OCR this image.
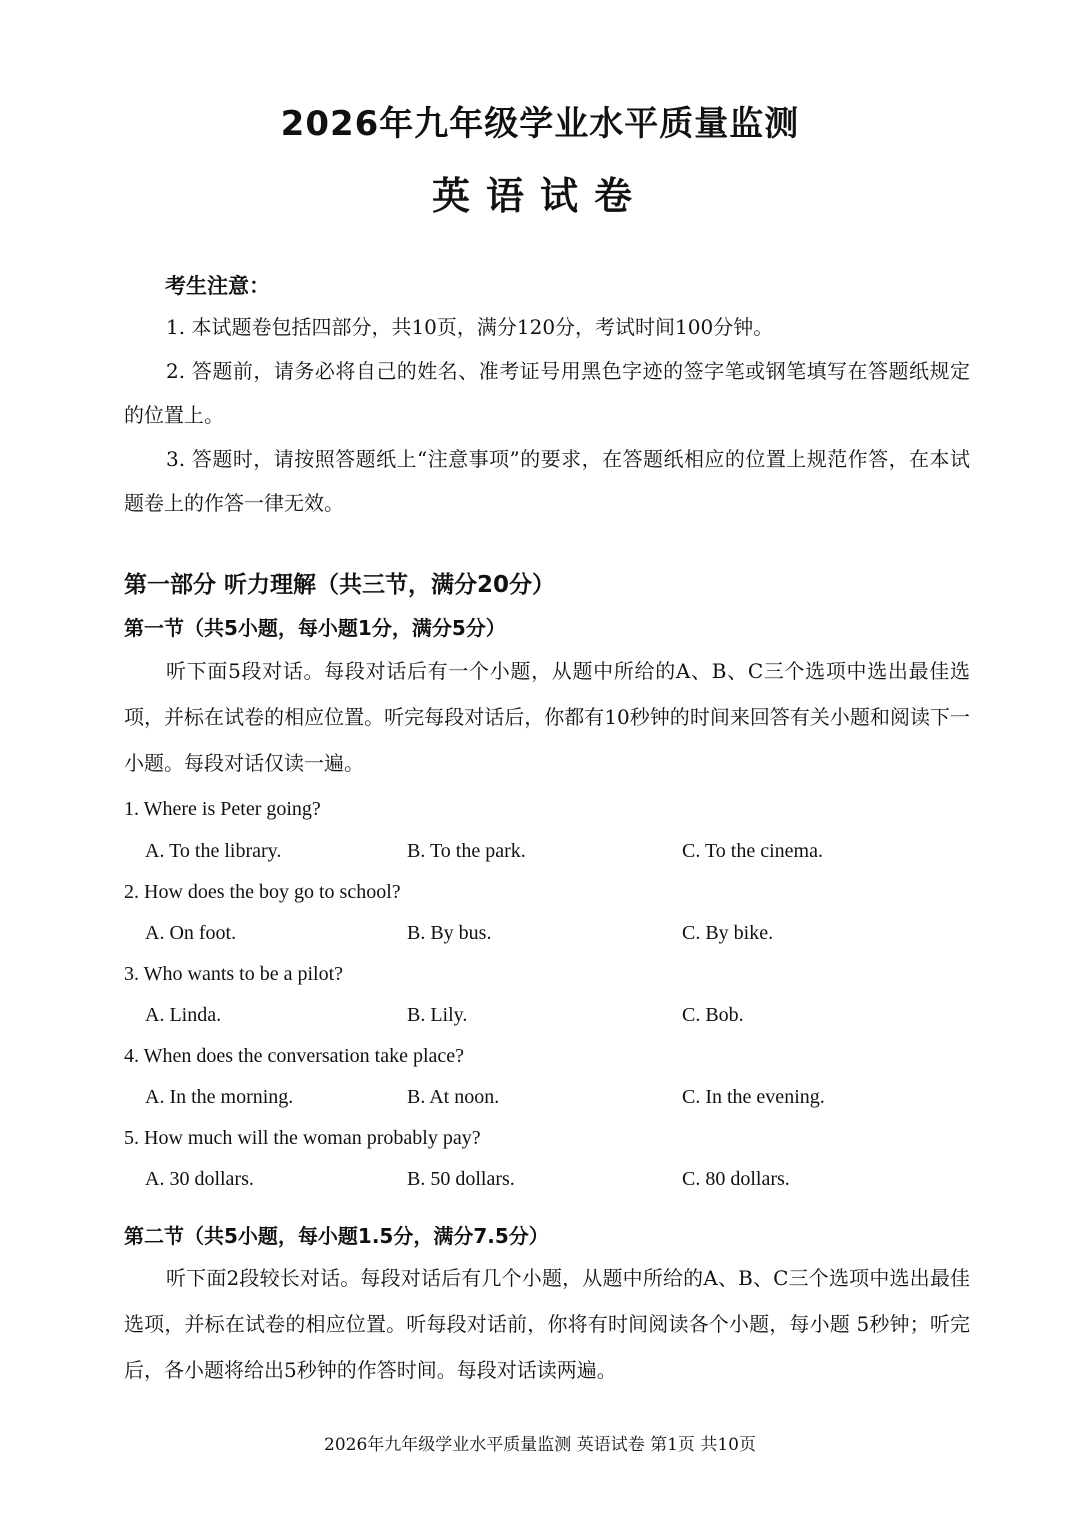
2026年九年级学业水平质量监测
英语试卷
考生注意：
1. 本试题卷包括四部分，共10页，满分120分，考试时间100分钟。
2. 答题前，请务必将自己的姓名、准考证号用黑色字迹的签字笔或钢笔填写在答题纸规定的位置上。
3. 答题时，请按照答题纸上“注意事项”的要求，在答题纸相应的位置上规范作答，在本试题卷上的作答一律无效。
第一部分 听力理解（共三节，满分20分）
第一节（共5小题，每小题1分，满分5分）
听下面5段对话。每段对话后有一个小题，从题中所给的A、B、C三个选项中选出最佳选项，并标在试卷的相应位置。听完每段对话后，你都有10秒钟的时间来回答有关小题和阅读下一小题。每段对话仅读一遍。
1. Where is Peter going?
A. To the library.	B. To the park.	C. To the cinema.
2. How does the boy go to school?
A. On foot.	B. By bus.	C. By bike.
3. Who wants to be a pilot?
A. Linda.	B. Lily.	C. Bob.
4. When does the conversation take place?
A. In the morning.	B. At noon.	C. In the evening.
5. How much will the woman probably pay?
A. 30 dollars.	B. 50 dollars.	C. 80 dollars.
第二节（共5小题，每小题1.5分，满分7.5分）
听下面2段较长对话。每段对话后有几个小题，从题中所给的A、B、C三个选项中选出最佳选项，并标在试卷的相应位置。听每段对话前，你将有时间阅读各个小题，每小题 5秒钟；听完后，各小题将给出5秒钟的作答时间。每段对话读两遍。
2026年九年级学业水平质量监测 英语试卷 第1页 共10页
